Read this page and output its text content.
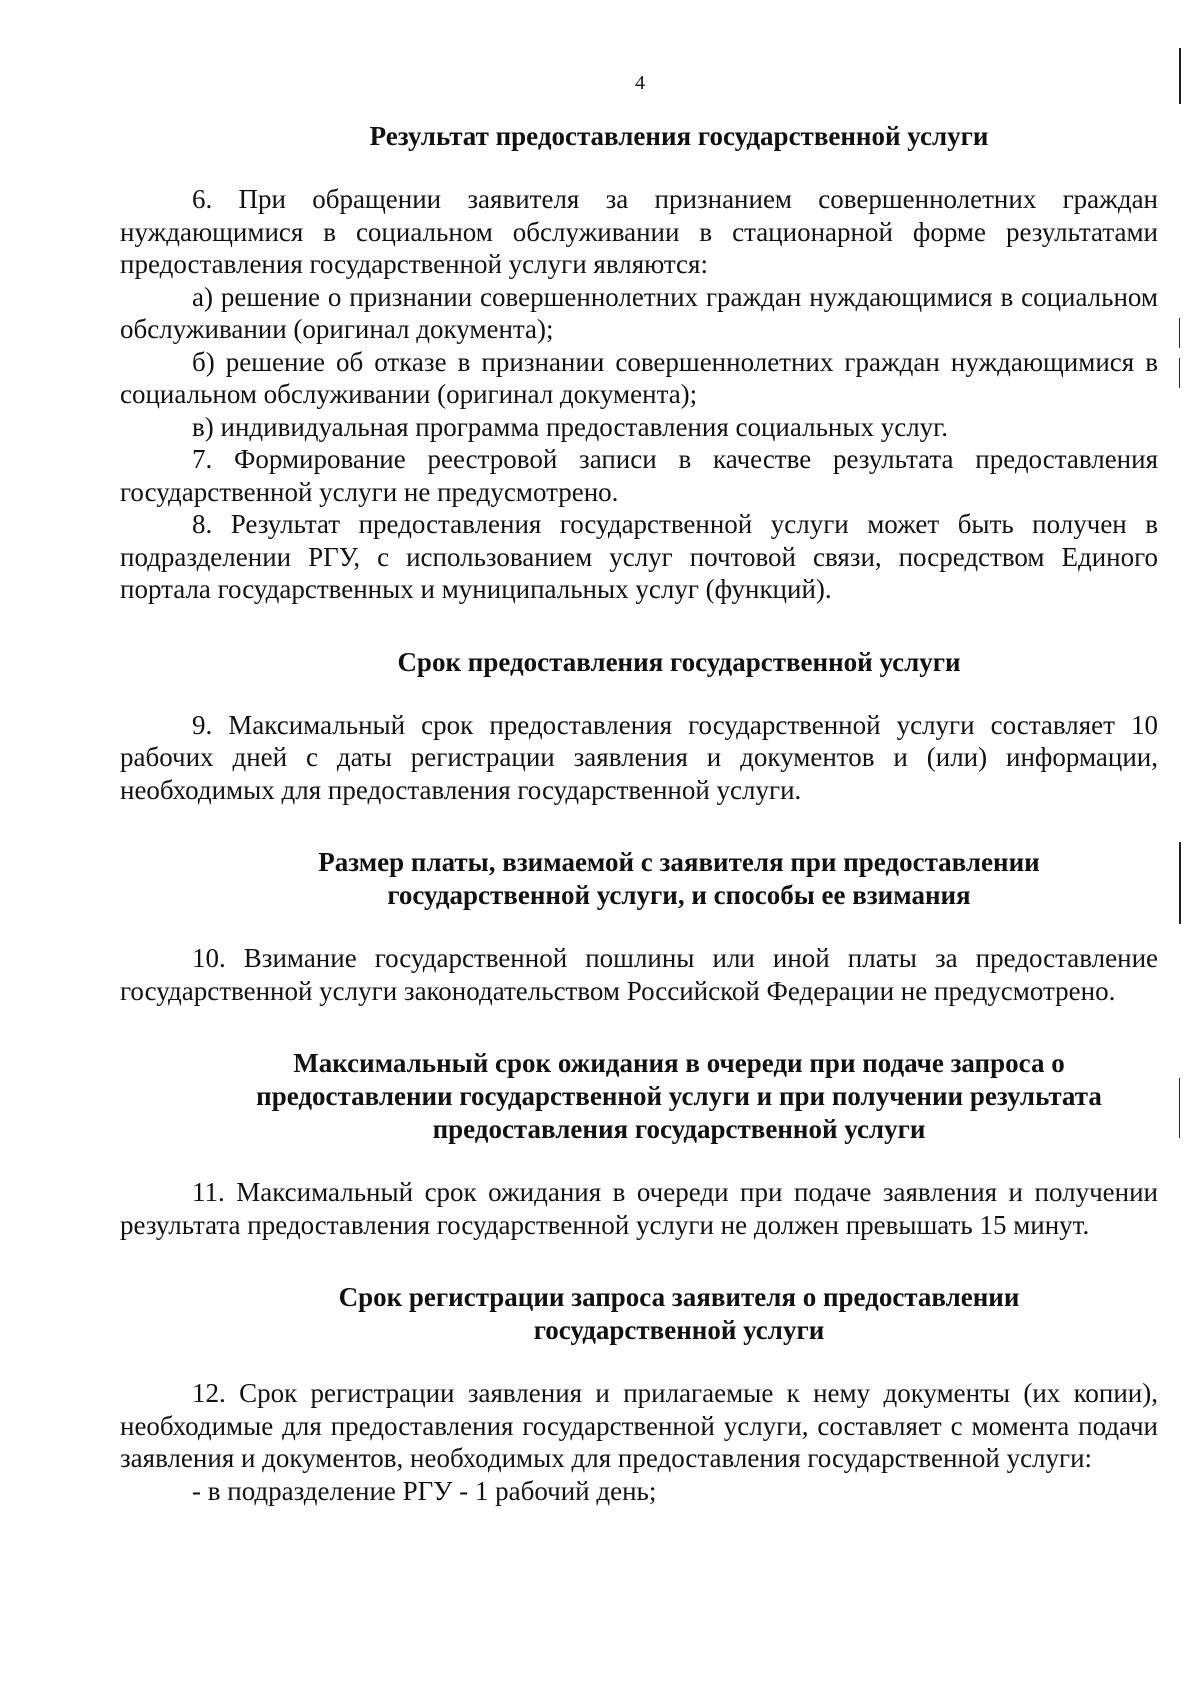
4

Результат предоставления государственной услуги

6. При обращении заявителя за признанием совершеннолетних граждан нуждающимися в социальном обслуживании в стационарной форме результатами предоставления государственной услуги являются:

а) решение о признании совершеннолетних граждан нуждающимися в социальном обслуживании (оригинал документа);

б) решение об отказе в признании совершеннолетних граждан нуждающимися в социальном обслуживании (оригинал документа);

в) индивидуальная программа предоставления социальных услуг.

7. Формирование реестровой записи в качестве результата предоставления государственной услуги не предусмотрено.

8. Результат предоставления государственной услуги может быть получен в подразделении РГУ, с использованием услуг почтовой связи, посредством Единого портала государственных и муниципальных услуг (функций).

Срок предоставления государственной услуги

9. Максимальный срок предоставления государственной услуги составляет 10 рабочих дней с даты регистрации заявления и документов и (или) информации, необходимых для предоставления государственной услуги.

Размер платы, взимаемой с заявителя при предоставлении

государственной услуги, и способы ее взимания

10. Взимание государственной пошлины или иной платы за предоставление государственной услуги законодательством Российской Федерации не предусмотрено.

Максимальный срок ожидания в очереди при подаче запроса о

предоставлении государственной услуги и при получении результата

предоставления государственной услуги

11. Максимальный срок ожидания в очереди при подаче заявления и получении результата предоставления государственной услуги не должен превышать 15 минут.

Срок регистрации запроса заявителя о предоставлении

государственной услуги

12. Срок регистрации заявления и прилагаемые к нему документы (их копии), необходимые для предоставления государственной услуги, составляет с момента подачи заявления и документов, необходимых для предоставления государственной услуги:

- в подразделение РГУ - 1 рабочий день;
